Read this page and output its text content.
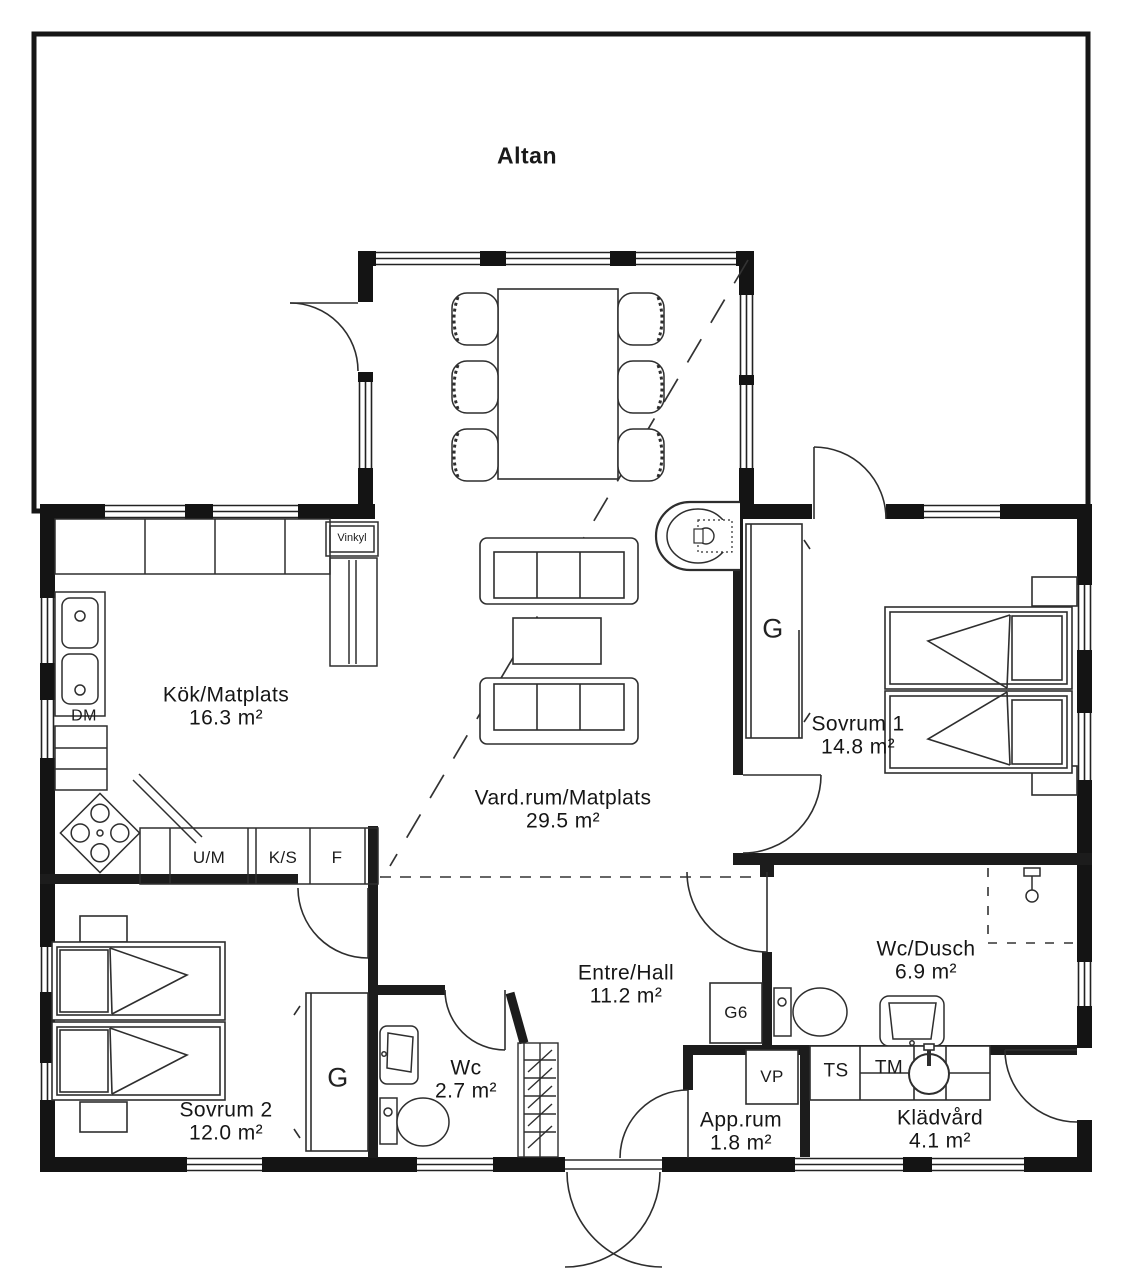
Altan
Kök/Matplats
16.3 m²
Vard.rum/Matplats
29.5 m²
Sovrum 1
14.8 m²
Sovrum 2
12.0 m²
Wc
2.7 m²
Entre/Hall
11.2 m²
Wc/Dusch
6.9 m²
App.rum
1.8 m²
Klädvård
4.1 m²
DM
U/M	K/S F
Vinkyl
G
G
G6
VP TS TM
